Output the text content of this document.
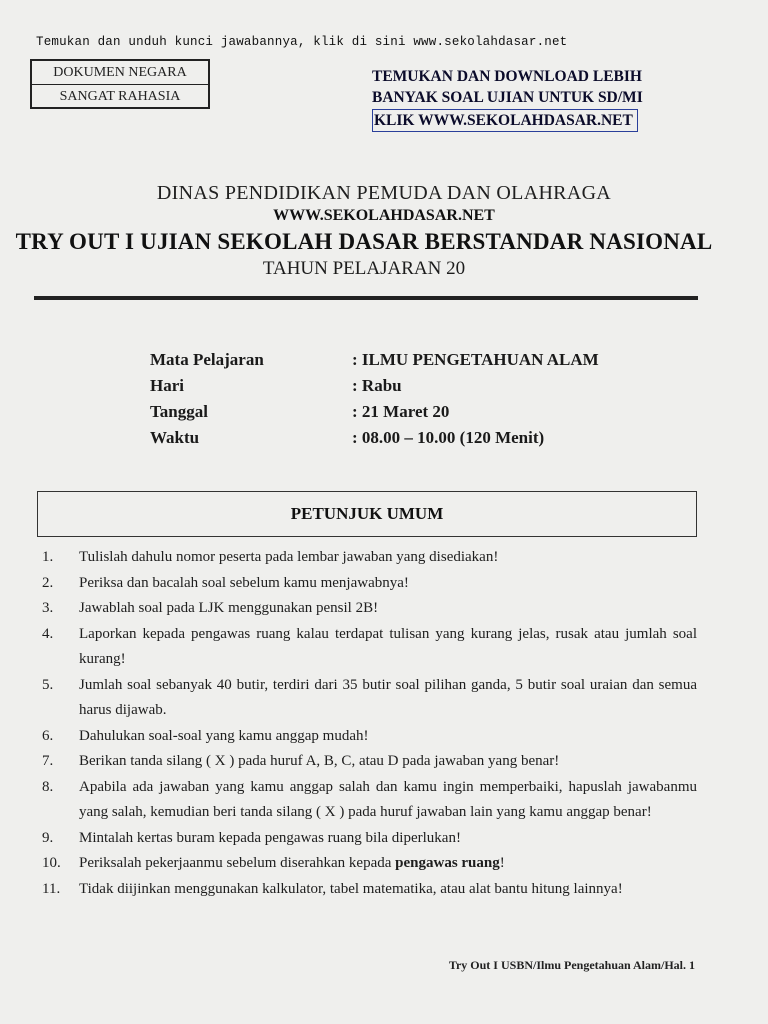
Temukan dan unduh kunci jawabannya, klik di sini www.sekolahdasar.net
DOKUMEN NEGARA
SANGAT RAHASIA
TEMUKAN DAN DOWNLOAD LEBIH
BANYAK SOAL UJIAN UNTUK SD/MI
KLIK WWW.SEKOLAHDASAR.NET
DINAS PENDIDIKAN PEMUDA DAN OLAHRAGA
WWW.SEKOLAHDASAR.NET
TRY OUT I UJIAN SEKOLAH DASAR BERSTANDAR NASIONAL
TAHUN PELAJARAN 20
Mata Pelajaran	: ILMU PENGETAHUAN ALAM
Hari	: Rabu
Tanggal	: 21 Maret 20
Waktu	: 08.00 – 10.00 (120 Menit)
PETUNJUK UMUM
1.	Tulislah dahulu nomor peserta pada lembar jawaban yang disediakan!
2.	Periksa dan bacalah soal sebelum kamu menjawabnya!
3.	Jawablah soal pada LJK menggunakan pensil 2B!
4.	Laporkan kepada pengawas ruang kalau terdapat tulisan yang kurang jelas, rusak atau jumlah soal kurang!
5.	Jumlah soal sebanyak 40 butir, terdiri dari 35 butir soal pilihan ganda, 5 butir soal uraian dan semua harus dijawab.
6.	Dahulukan soal-soal yang kamu anggap mudah!
7.	Berikan tanda silang ( X ) pada huruf A, B, C, atau D pada jawaban yang benar!
8.	Apabila ada jawaban yang kamu anggap salah dan kamu ingin memperbaiki, hapuslah jawabanmu yang salah, kemudian beri tanda silang ( X ) pada huruf jawaban lain yang kamu anggap benar!
9.	Mintalah kertas buram kepada pengawas ruang bila diperlukan!
10.	Periksalah pekerjaanmu sebelum diserahkan kepada pengawas ruang!
11.	Tidak diijinkan menggunakan kalkulator, tabel matematika, atau alat bantu hitung lainnya!
Try Out I USBN/Ilmu Pengetahuan Alam/Hal. 1
